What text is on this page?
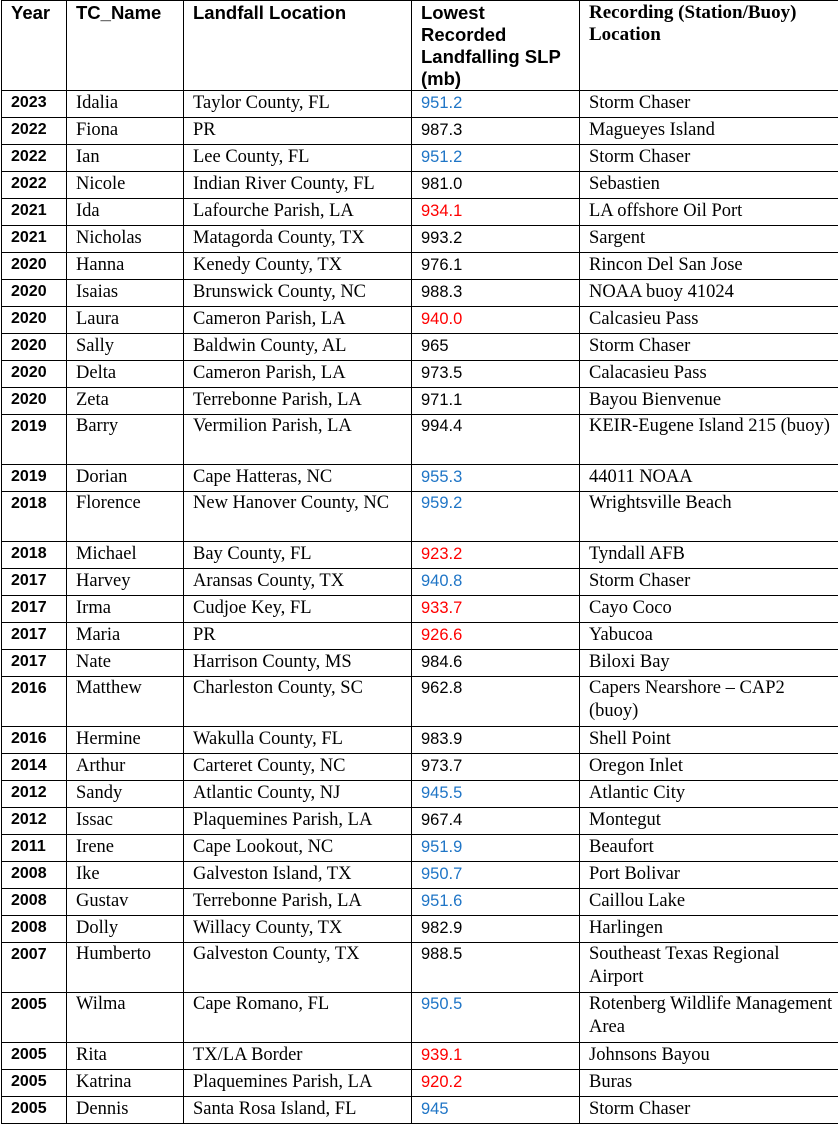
Year	TC_Name	Landfall Location	Lowest Recorded Landfalling SLP (mb)	Recording (Station/Buoy) Location
2023	Idalia	Taylor County, FL	951.2	Storm Chaser
2022	Fiona	PR	987.3	Magueyes Island
2022	Ian	Lee County, FL	951.2	Storm Chaser
2022	Nicole	Indian River County, FL	981.0	Sebastien
2021	Ida	Lafourche Parish, LA	934.1	LA offshore Oil Port
2021	Nicholas	Matagorda County, TX	993.2	Sargent
2020	Hanna	Kenedy County, TX	976.1	Rincon Del San Jose
2020	Isaias	Brunswick County, NC	988.3	NOAA buoy 41024
2020	Laura	Cameron Parish, LA	940.0	Calcasieu Pass
2020	Sally	Baldwin County, AL	965	Storm Chaser
2020	Delta	Cameron Parish, LA	973.5	Calacasieu Pass
2020	Zeta	Terrebonne Parish, LA	971.1	Bayou Bienvenue
2019	Barry	Vermilion Parish, LA	994.4	KEIR-Eugene Island 215 (buoy)
2019	Dorian	Cape Hatteras, NC	955.3	44011 NOAA
2018	Florence	New Hanover County, NC	959.2	Wrightsville Beach
2018	Michael	Bay County, FL	923.2	Tyndall AFB
2017	Harvey	Aransas County, TX	940.8	Storm Chaser
2017	Irma	Cudjoe Key, FL	933.7	Cayo Coco
2017	Maria	PR	926.6	Yabucoa
2017	Nate	Harrison County, MS	984.6	Biloxi Bay
2016	Matthew	Charleston County, SC	962.8	Capers Nearshore – CAP2 (buoy)
2016	Hermine	Wakulla County, FL	983.9	Shell Point
2014	Arthur	Carteret County, NC	973.7	Oregon Inlet
2012	Sandy	Atlantic County, NJ	945.5	Atlantic City
2012	Issac	Plaquemines Parish, LA	967.4	Montegut
2011	Irene	Cape Lookout, NC	951.9	Beaufort
2008	Ike	Galveston Island, TX	950.7	Port Bolivar
2008	Gustav	Terrebonne Parish, LA	951.6	Caillou Lake
2008	Dolly	Willacy County, TX	982.9	Harlingen
2007	Humberto	Galveston County, TX	988.5	Southeast Texas Regional Airport
2005	Wilma	Cape Romano, FL	950.5	Rotenberg Wildlife Management Area
2005	Rita	TX/LA Border	939.1	Johnsons Bayou
2005	Katrina	Plaquemines Parish, LA	920.2	Buras
2005	Dennis	Santa Rosa Island, FL	945	Storm Chaser
